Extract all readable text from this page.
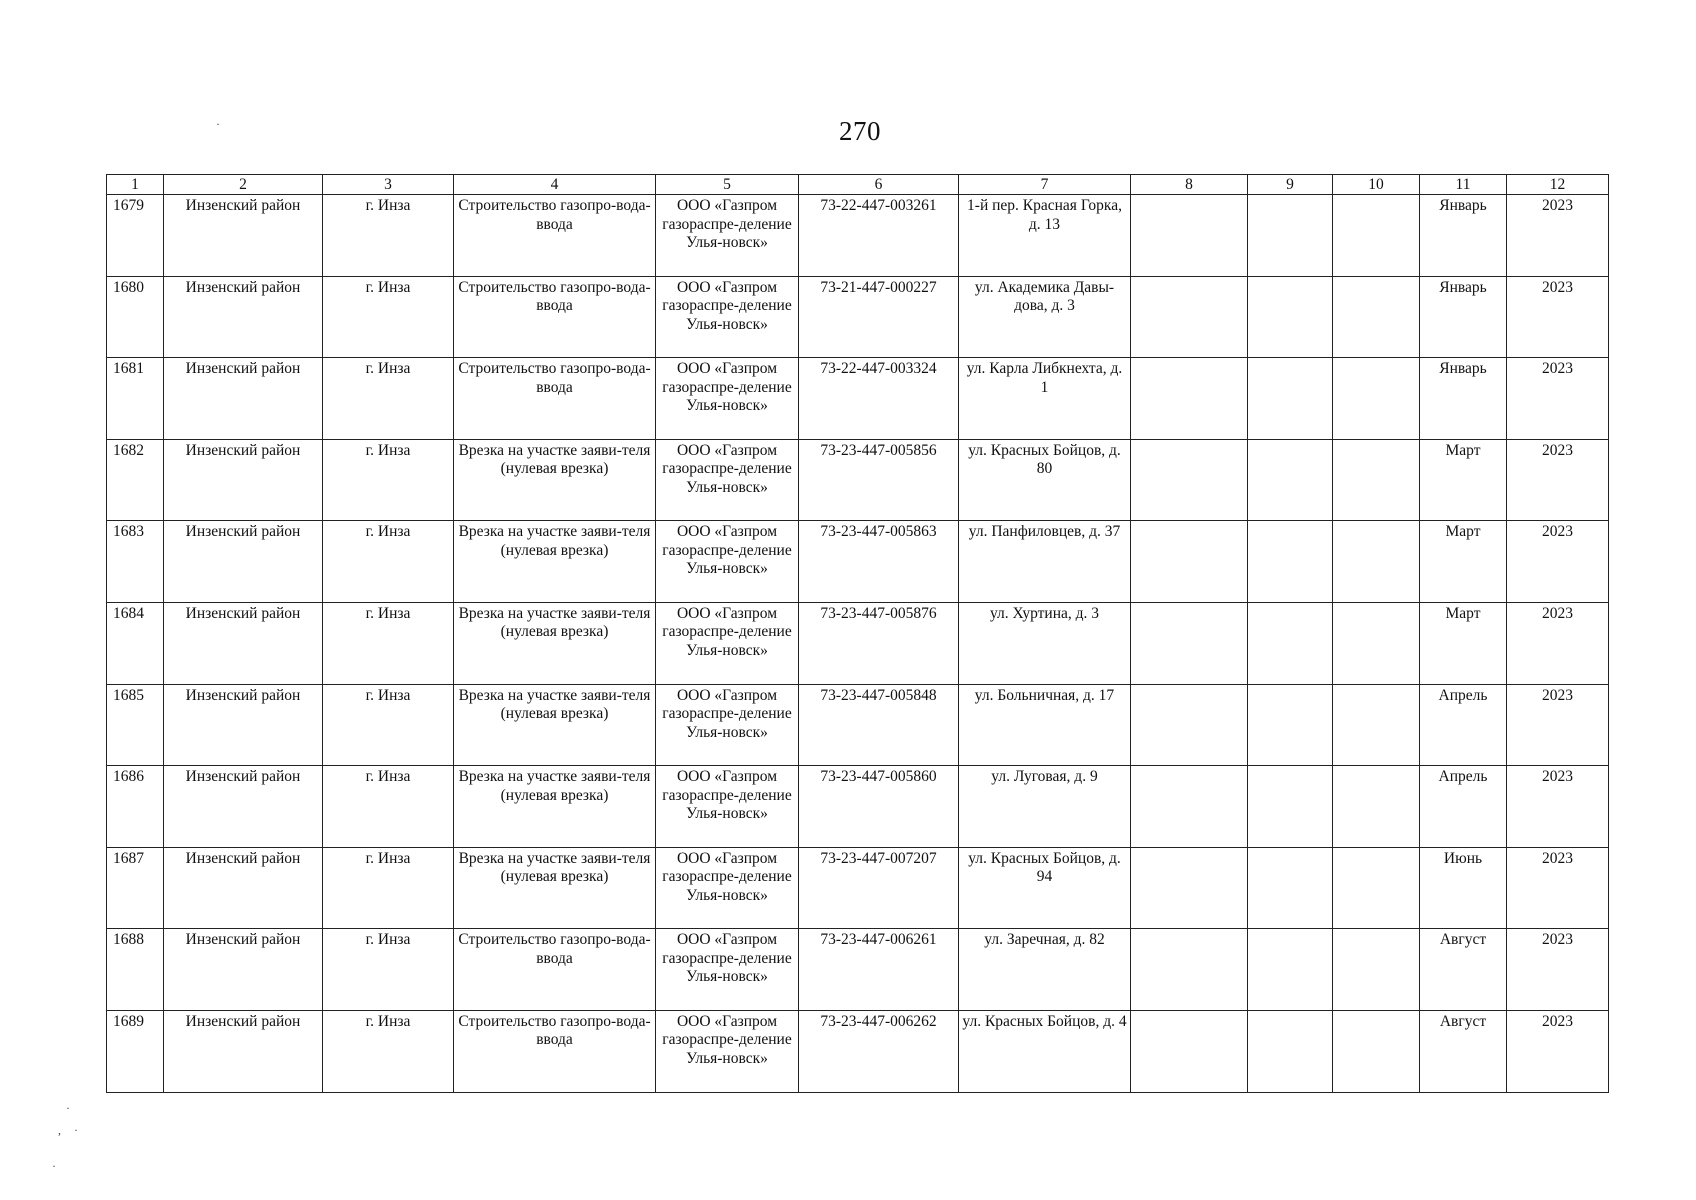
270
1	2	3	4	5	6	7	8	9	10	11	12
1679	Инзенский район	г. Инза	Строительство газопро-вода-ввода	ООО «Газпром газораспре-деление Улья-новск»	73-22-447-003261	1-й пер. Красная Горка, д. 13				Январь	2023
1680	Инзенский район	г. Инза	Строительство газопро-вода-ввода	ООО «Газпром газораспре-деление Улья-новск»	73-21-447-000227	ул. Академика Давы-дова, д. 3				Январь	2023
1681	Инзенский район	г. Инза	Строительство газопро-вода-ввода	ООО «Газпром газораспре-деление Улья-новск»	73-22-447-003324	ул. Карла Либкнехта, д. 1				Январь	2023
1682	Инзенский район	г. Инза	Врезка на участке заяви-теля (нулевая врезка)	ООО «Газпром газораспре-деление Улья-новск»	73-23-447-005856	ул. Красных Бойцов, д. 80				Март	2023
1683	Инзенский район	г. Инза	Врезка на участке заяви-теля (нулевая врезка)	ООО «Газпром газораспре-деление Улья-новск»	73-23-447-005863	ул. Панфиловцев, д. 37				Март	2023
1684	Инзенский район	г. Инза	Врезка на участке заяви-теля (нулевая врезка)	ООО «Газпром газораспре-деление Улья-новск»	73-23-447-005876	ул. Хуртина, д. 3				Март	2023
1685	Инзенский район	г. Инза	Врезка на участке заяви-теля (нулевая врезка)	ООО «Газпром газораспре-деление Улья-новск»	73-23-447-005848	ул. Больничная, д. 17				Апрель	2023
1686	Инзенский район	г. Инза	Врезка на участке заяви-теля (нулевая врезка)	ООО «Газпром газораспре-деление Улья-новск»	73-23-447-005860	ул. Луговая, д. 9				Апрель	2023
1687	Инзенский район	г. Инза	Врезка на участке заяви-теля (нулевая врезка)	ООО «Газпром газораспре-деление Улья-новск»	73-23-447-007207	ул. Красных Бойцов, д. 94				Июнь	2023
1688	Инзенский район	г. Инза	Строительство газопро-вода-ввода	ООО «Газпром газораспре-деление Улья-новск»	73-23-447-006261	ул. Заречная, д. 82				Август	2023
1689	Инзенский район	г. Инза	Строительство газопро-вода-ввода	ООО «Газпром газораспре-деление Улья-новск»	73-23-447-006262	ул. Красных Бойцов, д. 4				Август	2023
·
·
, ·
·
